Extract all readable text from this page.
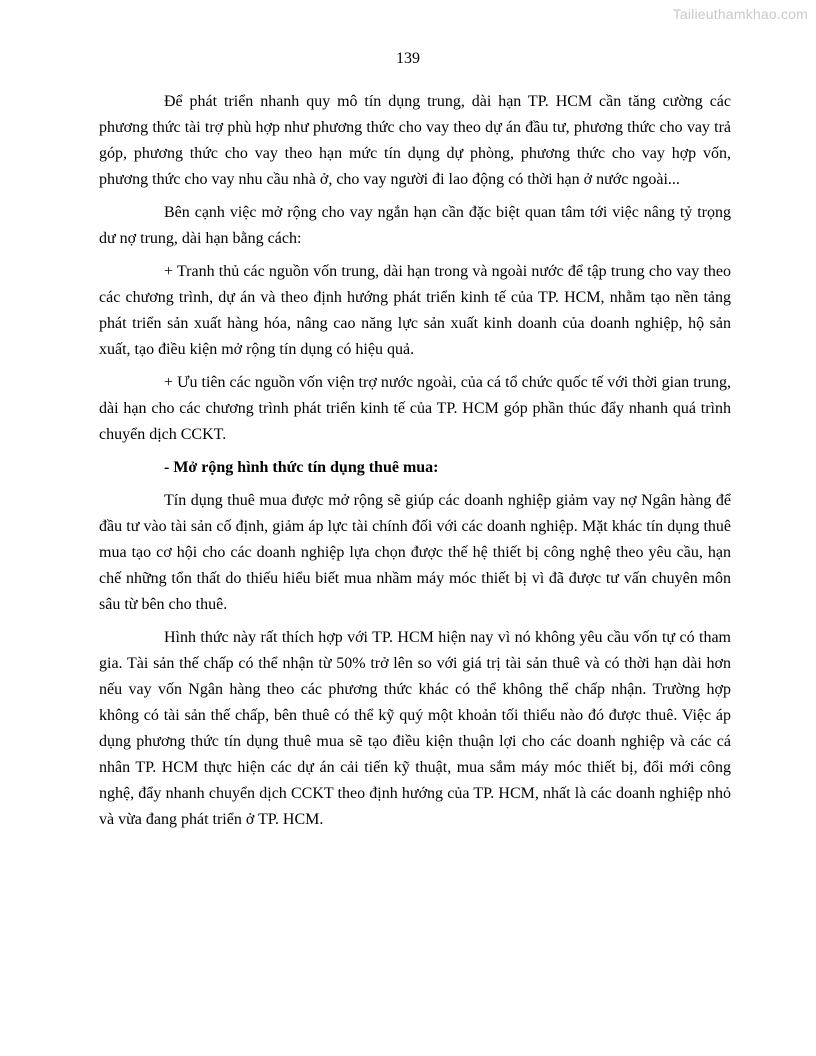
Tailieuthamkhao.com
139

Để phát triển nhanh quy mô tín dụng trung, dài hạn TP. HCM cần tăng cường các phương thức tài trợ phù hợp như phương thức cho vay theo dự án đầu tư, phương thức cho vay trả góp, phương thức cho vay theo hạn mức tín dụng dự phòng, phương thức cho vay hợp vốn, phương thức cho vay nhu cầu nhà ở, cho vay người đi lao động có thời hạn ở nước ngoài...

Bên cạnh việc mở rộng cho vay ngắn hạn cần đặc biệt quan tâm tới việc nâng tỷ trọng dư nợ trung, dài hạn bằng cách:

+ Tranh thủ các nguồn vốn trung, dài hạn trong và ngoài nước để tập trung cho vay theo các chương trình, dự án và theo định hướng phát triển kinh tế của TP. HCM, nhằm tạo nền tảng phát triển sản xuất hàng hóa, nâng cao năng lực sản xuất kinh doanh của doanh nghiệp, hộ sản xuất, tạo điều kiện mở rộng tín dụng có hiệu quả.

+ Ưu tiên các nguồn vốn viện trợ nước ngoài, của cá tổ chức quốc tế với thời gian trung, dài hạn cho các chương trình phát triển kinh tế của TP. HCM góp phần thúc đẩy nhanh quá trình chuyển dịch CCKT.

- Mở rộng hình thức tín dụng thuê mua:

Tín dụng thuê mua được mở rộng sẽ giúp các doanh nghiệp giảm vay nợ Ngân hàng để đầu tư vào tài sản cố định, giảm áp lực tài chính đối với các doanh nghiệp. Mặt khác tín dụng thuê mua tạo cơ hội cho các doanh nghiệp lựa chọn được thế hệ thiết bị công nghệ theo yêu cầu, hạn chế những tổn thất do thiếu hiểu biết mua nhầm máy móc thiết bị vì đã được tư vấn chuyên môn sâu từ bên cho thuê.

Hình thức này rất thích hợp với TP. HCM hiện nay vì nó không yêu cầu vốn tự có tham gia. Tài sản thế chấp có thể nhận từ 50% trở lên so với giá trị tài sản thuê và có thời hạn dài hơn nếu vay vốn Ngân hàng theo các phương thức khác có thể không thể chấp nhận. Trường hợp không có tài sản thế chấp, bên thuê có thể kỹ quý một khoản tối thiểu nào đó được thuê. Việc áp dụng phương thức tín dụng thuê mua sẽ tạo điều kiện thuận lợi cho các doanh nghiệp và các cá nhân TP. HCM thực hiện các dự án cải tiến kỹ thuật, mua sắm máy móc thiết bị, đổi mới công nghệ, đẩy nhanh chuyển dịch CCKT theo định hướng của TP. HCM, nhất là các doanh nghiệp nhỏ và vừa đang phát triển ở TP. HCM.
